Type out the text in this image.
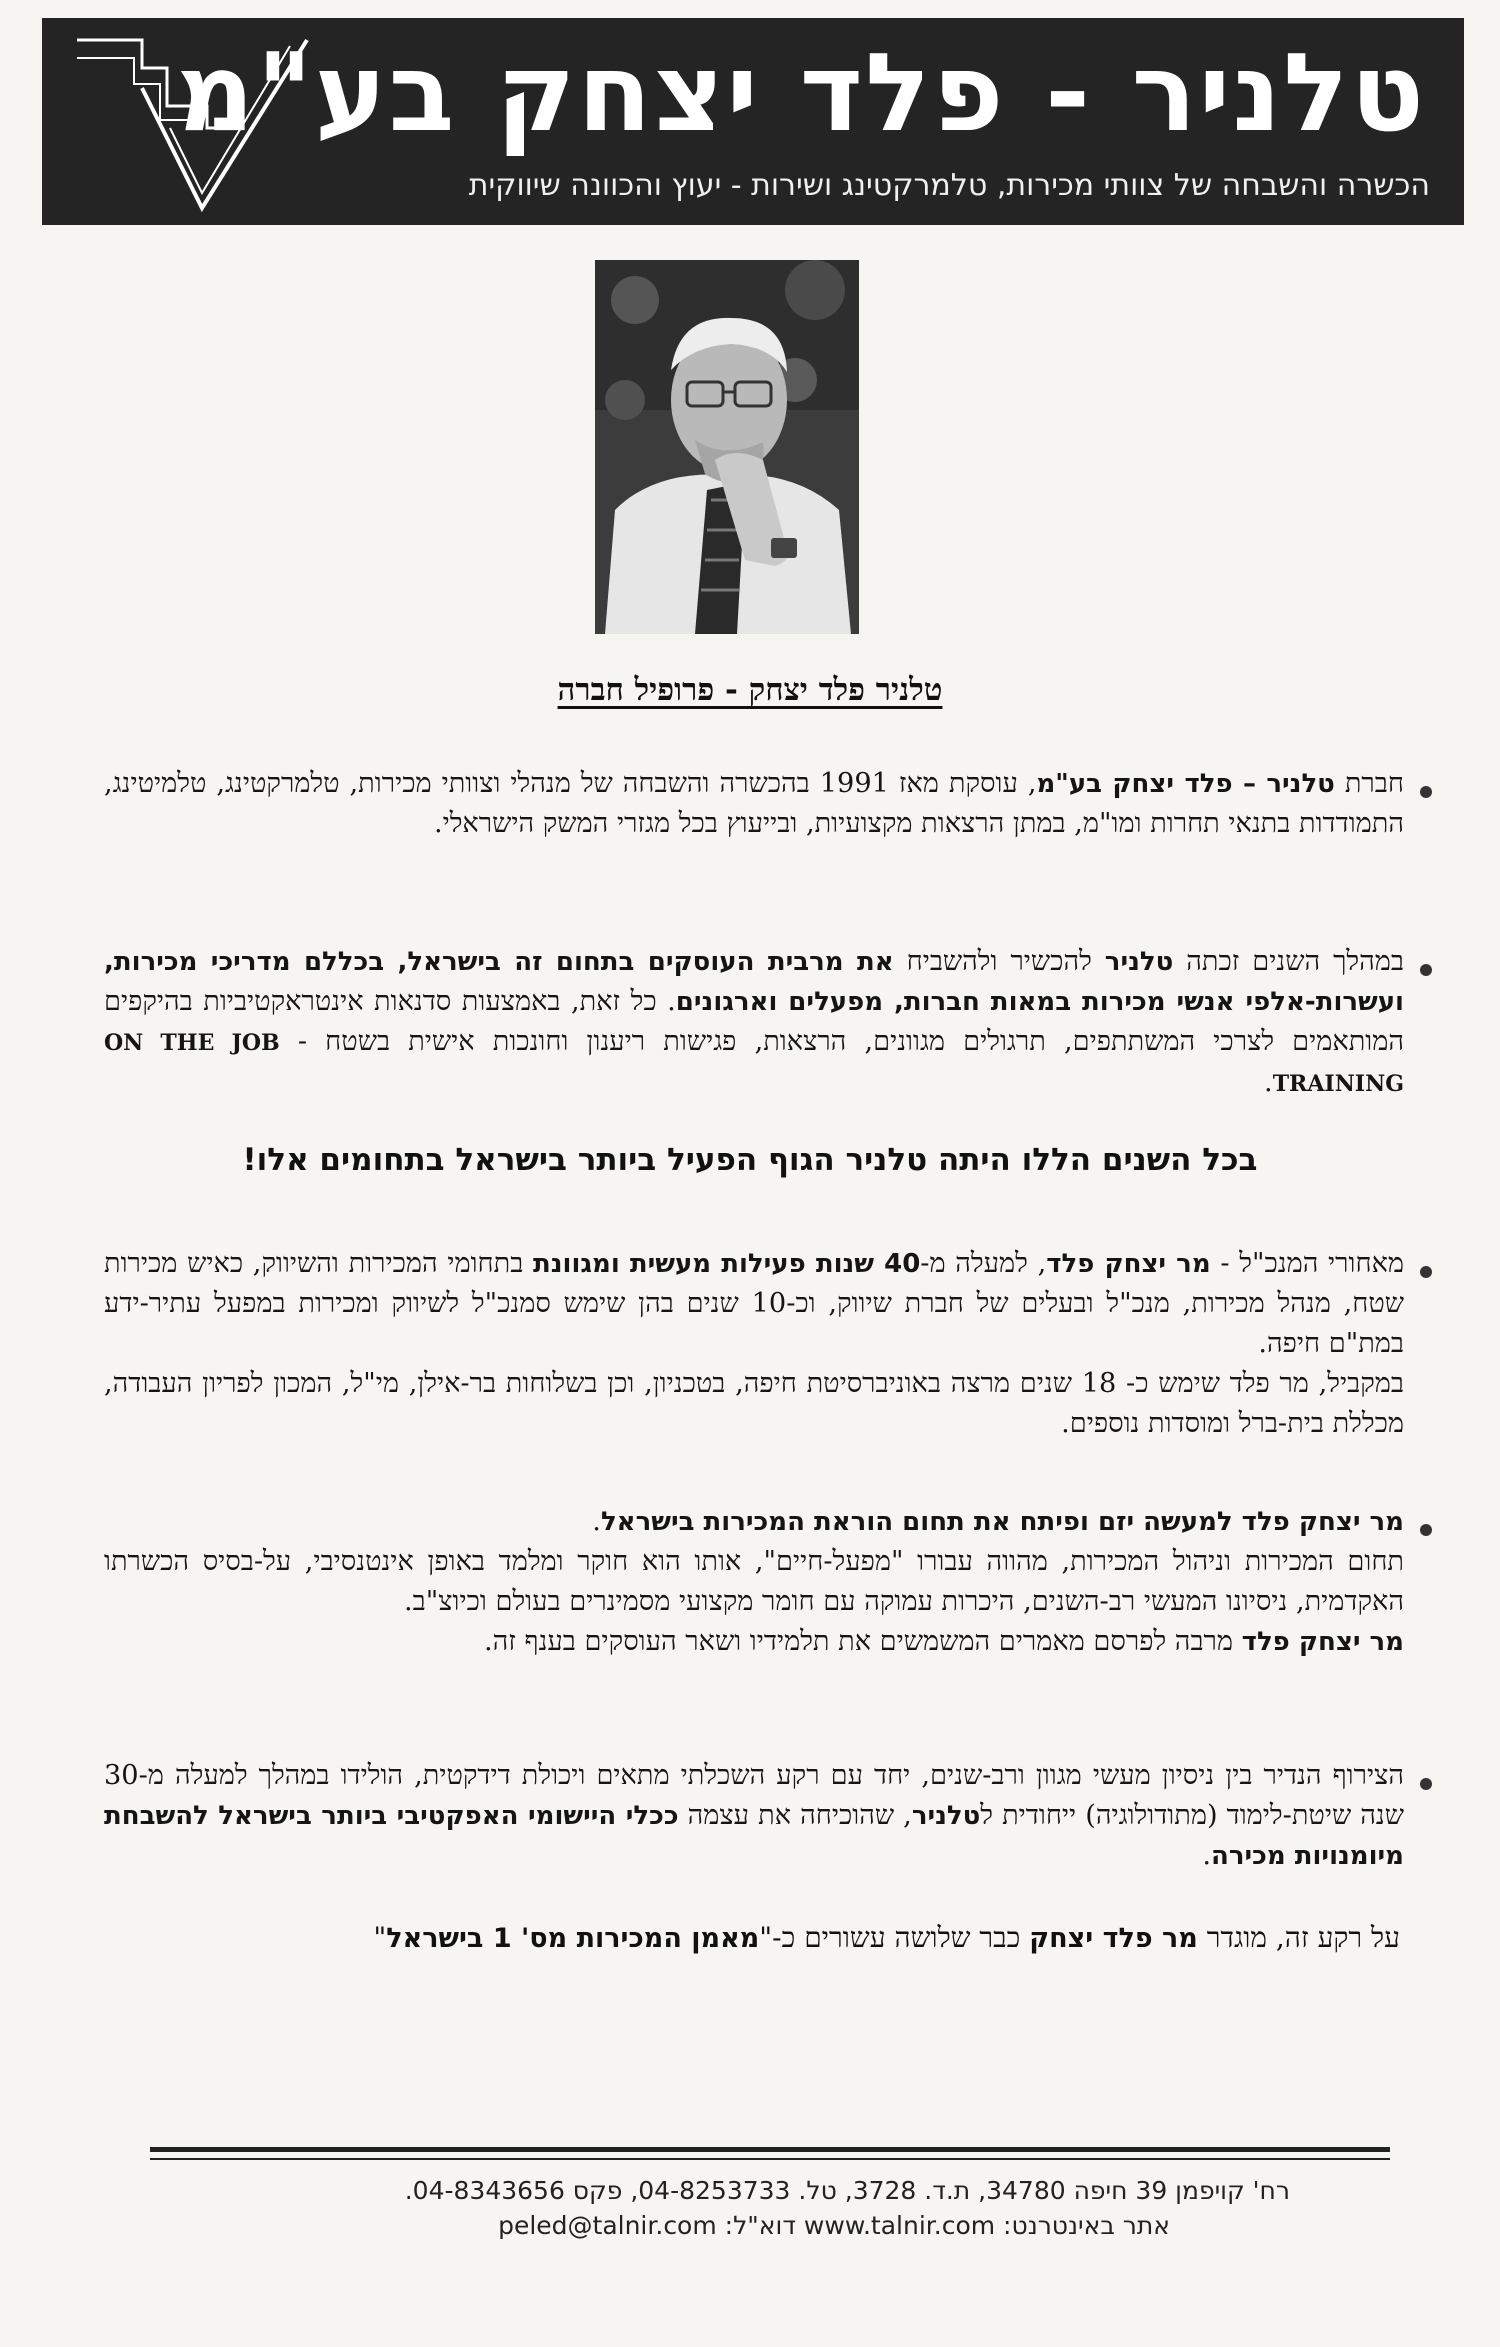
טלניר - פלד יצחק בע"מ
הכשרה והשבחה של צוותי מכירות, טלמרקטינג ושירות - יעוץ והכוונה שיווקית
טלניר פלד יצחק - פרופיל חברה

חברת טלניר – פלד יצחק בע"מ, עוסקת מאז 1991 בהכשרה והשבחה של מנהלי וצוותי מכירות, טלמרקטינג, טלמיטינג, התמודדות בתנאי תחרות ומו"מ, במתן הרצאות מקצועיות, ובייעוץ בכל מגזרי המשק הישראלי.

במהלך השנים זכתה טלניר להכשיר ולהשביח את מרבית העוסקים בתחום זה בישראל, בכללם מדריכי מכירות, ועשרות-אלפי אנשי מכירות במאות חברות, מפעלים וארגונים. כל זאת, באמצעות סדנאות אינטראקטיביות בהיקפים המותאמים לצרכי המשתתפים, תרגולים מגוונים, הרצאות, פגישות ריענון וחונכות אישית בשטח - ON THE JOB TRAINING.

בכל השנים הללו היתה טלניר הגוף הפעיל ביותר בישראל בתחומים אלו!

מאחורי המנכ"ל - מר יצחק פלד, למעלה מ-40 שנות פעילות מעשית ומגוונת בתחומי המכירות והשיווק, כאיש מכירות שטח, מנהל מכירות, מנכ"ל ובעלים של חברת שיווק, וכ-10 שנים בהן שימש סמנכ"ל לשיווק ומכירות במפעל עתיר-ידע במת"ם חיפה.
במקביל, מר פלד שימש כ- 18 שנים מרצה באוניברסיטת חיפה, בטכניון, וכן בשלוחות בר-אילן, מי"ל, המכון לפריון העבודה, מכללת בית-ברל ומוסדות נוספים.

מר יצחק פלד למעשה יזם ופיתח את תחום הוראת המכירות בישראל.
תחום המכירות וניהול המכירות, מהווה עבורו "מפעל-חיים", אותו הוא חוקר ומלמד באופן אינטנסיבי, על-בסיס הכשרתו האקדמית, ניסיונו המעשי רב-השנים, היכרות עמוקה עם חומר מקצועי מסמינרים בעולם וכיוצ"ב.
מר יצחק פלד מרבה לפרסם מאמרים המשמשים את תלמידיו ושאר העוסקים בענף זה.

הצירוף הנדיר בין ניסיון מעשי מגוון ורב-שנים, יחד עם רקע השכלתי מתאים ויכולת דידקטית, הולידו במהלך למעלה מ-30 שנה שיטת-לימוד (מתודולוגיה) ייחודית לטלניר, שהוכיחה את עצמה ככלי היישומי האפקטיבי ביותר בישראל להשבחת מיומנויות מכירה.

על רקע זה, מוגדר מר פלד יצחק כבר שלושה עשורים כ-"מאמן המכירות מס' 1 בישראל"
רח' קויפמן 39 חיפה 34780, ת.ד. 3728, טל. 04-8253733, פקס 04-8343656.
אתר באינטרנט: www.talnir.com דוא"ל: peled@talnir.com
